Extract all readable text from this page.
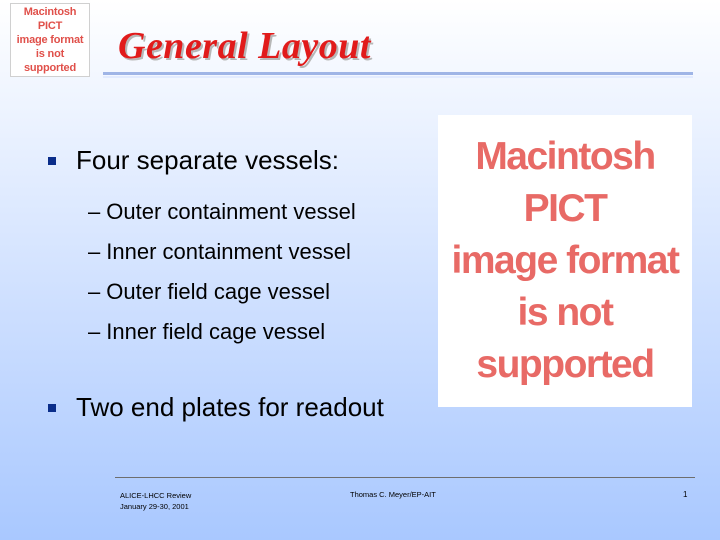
Macintosh PICT
image format
is not supported
General Layout
Four separate vessels:
– Outer containment vessel
– Inner containment vessel
– Outer field cage vessel
– Inner field cage vessel
Two end plates for readout
Macintosh PICT
image format
is not supported
ALICE-LHCC Review
January 29-30, 2001
Thomas C. Meyer/EP-AIT	1
